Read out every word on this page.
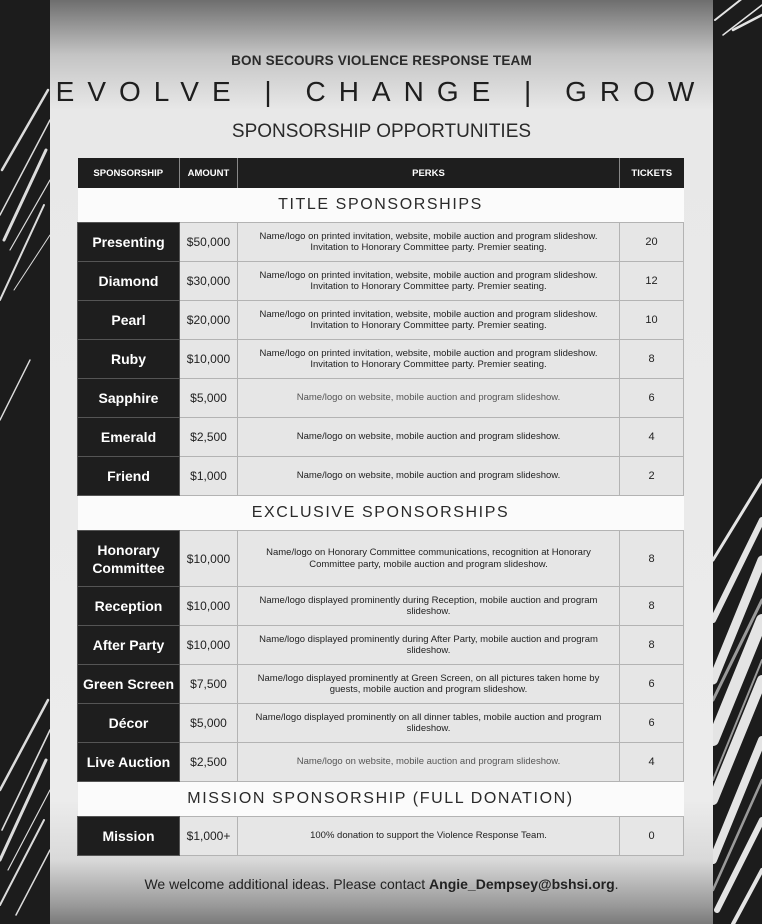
BON SECOURS VIOLENCE RESPONSE TEAM
EVOLVE | CHANGE | GROW
SPONSORSHIP OPPORTUNITIES
SPONSORSHIP	AMOUNT	PERKS	TICKETS
TITLE SPONSORSHIPS			
Presenting	$50,000	Name/logo on printed invitation, website, mobile auction and program slideshow. Invitation to Honorary Committee party. Premier seating.	20
Diamond	$30,000	Name/logo on printed invitation, website, mobile auction and program slideshow. Invitation to Honorary Committee party. Premier seating.	12
Pearl	$20,000	Name/logo on printed invitation, website, mobile auction and program slideshow. Invitation to Honorary Committee party. Premier seating.	10
Ruby	$10,000	Name/logo on printed invitation, website, mobile auction and program slideshow. Invitation to Honorary Committee party. Premier seating.	8
Sapphire	$5,000	Name/logo on website, mobile auction and program slideshow.	6
Emerald	$2,500	Name/logo on website, mobile auction and program slideshow.	4
Friend	$1,000	Name/logo on website, mobile auction and program slideshow.	2
EXCLUSIVE SPONSORSHIPS			
Honorary Committee	$10,000	Name/logo on Honorary Committee communications, recognition at Honorary Committee party, mobile auction and program slideshow.	8
Reception	$10,000	Name/logo displayed prominently during Reception, mobile auction and program slideshow.	8
After Party	$10,000	Name/logo displayed prominently during After Party, mobile auction and program slideshow.	8
Green Screen	$7,500	Name/logo displayed prominently at Green Screen, on all pictures taken home by guests, mobile auction and program slideshow.	6
Décor	$5,000	Name/logo displayed prominently on all dinner tables, mobile auction and program slideshow.	6
Live Auction	$2,500	Name/logo on website, mobile auction and program slideshow.	4
MISSION SPONSORSHIP (FULL DONATION)			
Mission	$1,000+	100% donation to support the Violence Response Team.	0
We welcome additional ideas. Please contact Angie_Dempsey@bshsi.org.
